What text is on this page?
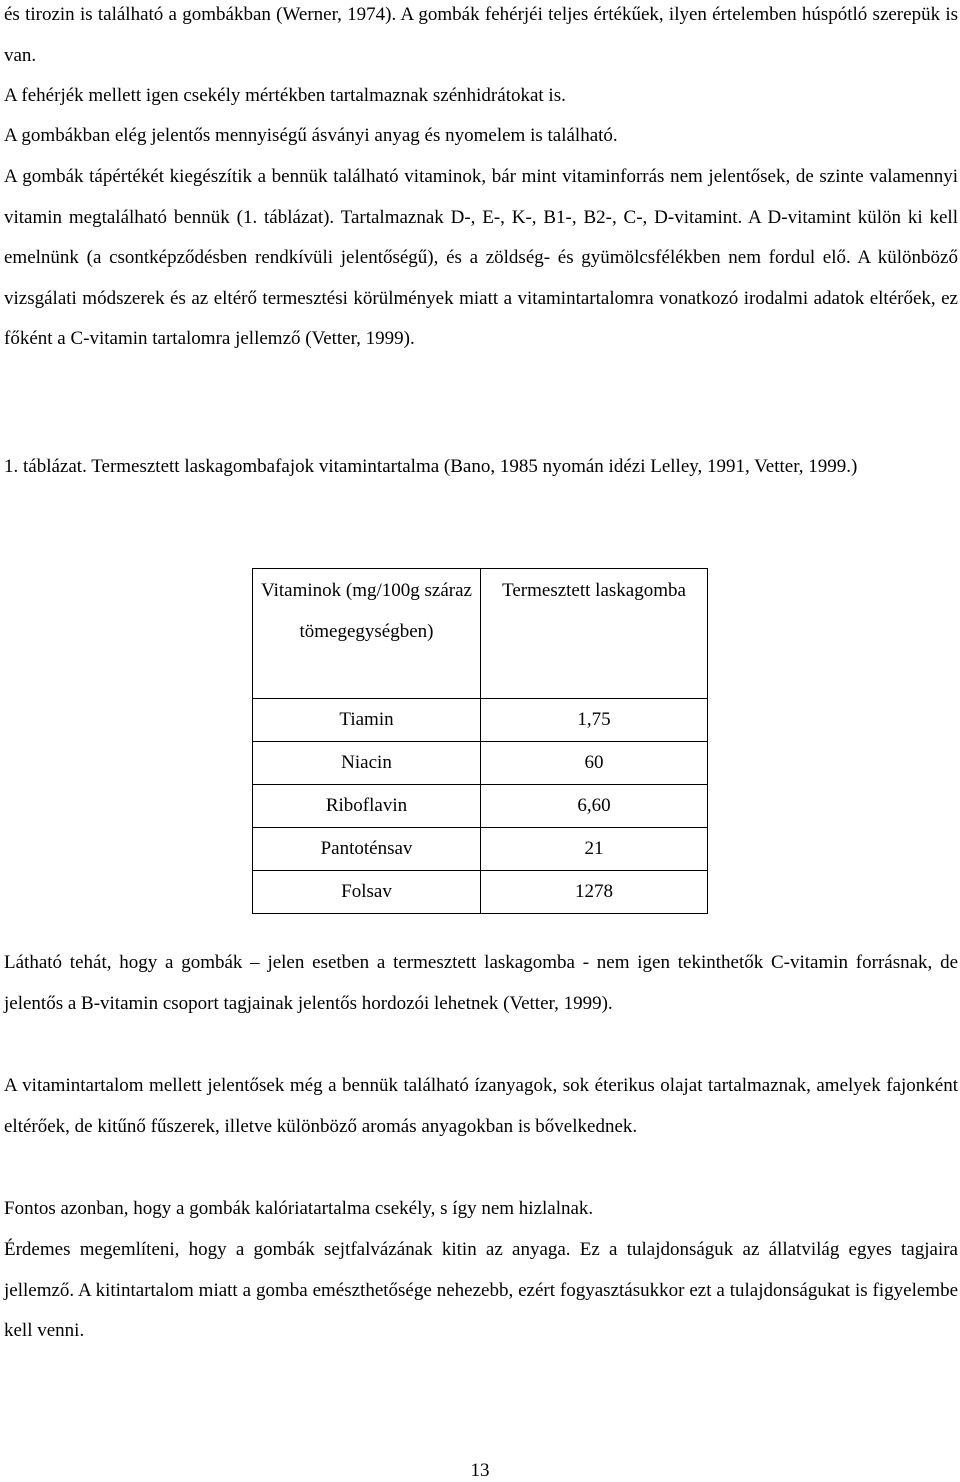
és tirozin is található a gombákban (Werner, 1974). A gombák fehérjéi teljes értékűek, ilyen értelemben húspótló szerepük is van.

A fehérjék mellett igen csekély mértékben tartalmaznak szénhidrátokat is.

A gombákban elég jelentős mennyiségű ásványi anyag és nyomelem is található.

A gombák tápértékét kiegészítik a bennük található vitaminok, bár mint vitaminforrás nem jelentősek, de szinte valamennyi vitamin megtalálható bennük (1. táblázat). Tartalmaznak D-, E-, K-, B1-, B2-, C-, D-vitamint. A D-vitamint külön ki kell emelnünk (a csontképződésben rendkívüli jelentőségű), és a zöldség- és gyümölcsfélékben nem fordul elő. A különböző vizsgálati módszerek és az eltérő termesztési körülmények miatt a vitamintartalomra vonatkozó irodalmi adatok eltérőek, ez főként a C-vitamin tartalomra jellemző (Vetter, 1999).

1. táblázat. Termesztett laskagombafajok vitamintartalma (Bano, 1985 nyomán idézi Lelley, 1991, Vetter, 1999.)

Vitaminok (mg/100g száraz tömegegységben)	Termesztett laskagomba
Tiamin	1,75
Niacin	60
Riboflavin	6,60
Pantoténsav	21
Folsav	1278

Látható tehát, hogy a gombák – jelen esetben a termesztett laskagomba - nem igen tekinthetők C-vitamin forrásnak, de jelentős a B-vitamin csoport tagjainak jelentős hordozói lehetnek (Vetter, 1999).

A vitamintartalom mellett jelentősek még a bennük található ízanyagok, sok éterikus olajat tartalmaznak, amelyek fajonként eltérőek, de kitűnő fűszerek, illetve különböző aromás anyagokban is bővelkednek.

Fontos azonban, hogy a gombák kalóriatartalma csekély, s így nem hizlalnak.

Érdemes megemlíteni, hogy a gombák sejtfalvázának kitin az anyaga. Ez a tulajdonságuk az állatvilág egyes tagjaira jellemző. A kitintartalom miatt a gomba emészthetősége nehezebb, ezért fogyasztásukkor ezt a tulajdonságukat is figyelembe kell venni.

13
